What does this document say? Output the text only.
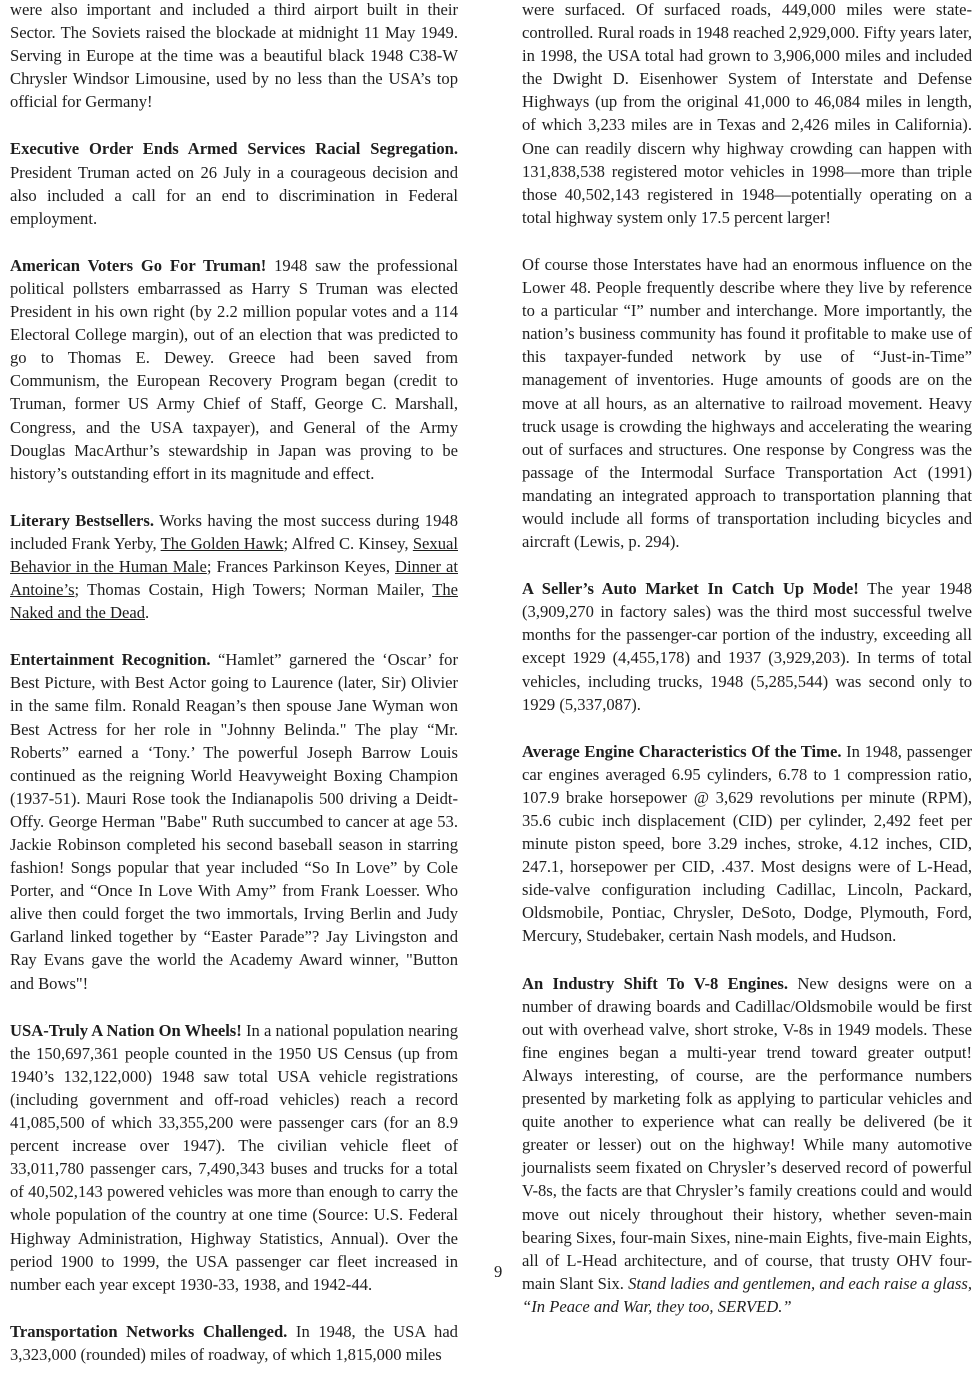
were also important and included a third airport built in their Sector. The Soviets raised the blockade at midnight 11 May 1949. Serving in Europe at the time was a beautiful black 1948 C38-W Chrysler Windsor Limousine, used by no less than the USA’s top official for Germany!

Executive Order Ends Armed Services Racial Segregation. President Truman acted on 26 July in a courageous decision and also included a call for an end to discrimination in Federal employment.

American Voters Go For Truman! 1948 saw the professional political pollsters embarrassed as Harry S Truman was elected President in his own right (by 2.2 million popular votes and a 114 Electoral College margin), out of an election that was predicted to go to Thomas E. Dewey. Greece had been saved from Communism, the European Recovery Program began (credit to Truman, former US Army Chief of Staff, George C. Marshall, Congress, and the USA taxpayer), and General of the Army Douglas MacArthur’s stewardship in Japan was proving to be history’s outstanding effort in its magnitude and effect.

Literary Bestsellers. Works having the most success during 1948 included Frank Yerby, The Golden Hawk; Alfred C. Kinsey, Sexual Behavior in the Human Male; Frances Parkinson Keyes, Dinner at Antoine’s; Thomas Costain, High Towers; Norman Mailer, The Naked and the Dead.

Entertainment Recognition. “Hamlet” garnered the ‘Oscar’ for Best Picture, with Best Actor going to Laurence (later, Sir) Olivier in the same film. Ronald Reagan’s then spouse Jane Wyman won Best Actress for her role in "Johnny Belinda." The play “Mr. Roberts” earned a ‘Tony.’ The powerful Joseph Barrow Louis continued as the reigning World Heavyweight Boxing Champion (1937-51). Mauri Rose took the Indianapolis 500 driving a Deidt-Offy. George Herman "Babe" Ruth succumbed to cancer at age 53. Jackie Robinson completed his second baseball season in starring fashion! Songs popular that year included “So In Love” by Cole Porter, and “Once In Love With Amy” from Frank Loesser. Who alive then could forget the two immortals, Irving Berlin and Judy Garland linked together by “Easter Parade”? Jay Livingston and Ray Evans gave the world the Academy Award winner, "Button and Bows"!

USA-Truly A Nation On Wheels! In a national population nearing the 150,697,361 people counted in the 1950 US Census (up from 1940’s 132,122,000) 1948 saw total USA vehicle registrations (including government and off-road vehicles) reach a record 41,085,500 of which 33,355,200 were passenger cars (for an 8.9 percent increase over 1947). The civilian vehicle fleet of 33,011,780 passenger cars, 7,490,343 buses and trucks for a total of 40,502,143 powered vehicles was more than enough to carry the whole population of the country at one time (Source: U.S. Federal Highway Administration, Highway Statistics, Annual). Over the period 1900 to 1999, the USA passenger car fleet increased in number each year except 1930-33, 1938, and 1942-44.

Transportation Networks Challenged. In 1948, the USA had 3,323,000 (rounded) miles of roadway, of which 1,815,000 miles

were surfaced. Of surfaced roads, 449,000 miles were state-controlled. Rural roads in 1948 reached 2,929,000. Fifty years later, in 1998, the USA total had grown to 3,906,000 miles and included the Dwight D. Eisenhower System of Interstate and Defense Highways (up from the original 41,000 to 46,084 miles in length, of which 3,233 miles are in Texas and 2,426 miles in California). One can readily discern why highway crowding can happen with 131,838,538 registered motor vehicles in 1998—more than triple those 40,502,143 registered in 1948—potentially operating on a total highway system only 17.5 percent larger!

Of course those Interstates have had an enormous influence on the Lower 48. People frequently describe where they live by reference to a particular “I” number and interchange. More importantly, the nation’s business community has found it profitable to make use of this taxpayer-funded network by use of “Just-in-Time” management of inventories. Huge amounts of goods are on the move at all hours, as an alternative to railroad movement. Heavy truck usage is crowding the highways and accelerating the wearing out of surfaces and structures. One response by Congress was the passage of the Intermodal Surface Transportation Act (1991) mandating an integrated approach to transportation planning that would include all forms of transportation including bicycles and aircraft (Lewis, p. 294).

A Seller’s Auto Market In Catch Up Mode! The year 1948 (3,909,270 in factory sales) was the third most successful twelve months for the passenger-car portion of the industry, exceeding all except 1929 (4,455,178) and 1937 (3,929,203). In terms of total vehicles, including trucks, 1948 (5,285,544) was second only to 1929 (5,337,087).

Average Engine Characteristics Of the Time. In 1948, passenger car engines averaged 6.95 cylinders, 6.78 to 1 compression ratio, 107.9 brake horsepower @ 3,629 revolutions per minute (RPM), 35.6 cubic inch displacement (CID) per cylinder, 2,492 feet per minute piston speed, bore 3.29 inches, stroke, 4.12 inches, CID, 247.1, horsepower per CID, .437. Most designs were of L-Head, side-valve configuration including Cadillac, Lincoln, Packard, Oldsmobile, Pontiac, Chrysler, DeSoto, Dodge, Plymouth, Ford, Mercury, Studebaker, certain Nash models, and Hudson.

An Industry Shift To V-8 Engines. New designs were on a number of drawing boards and Cadillac/Oldsmobile would be first out with overhead valve, short stroke, V-8s in 1949 models. These fine engines began a multi-year trend toward greater output! Always interesting, of course, are the performance numbers presented by marketing folk as applying to particular vehicles and quite another to experience what can really be delivered (be it greater or lesser) out on the highway! While many automotive journalists seem fixated on Chrysler’s deserved record of powerful V-8s, the facts are that Chrysler’s family creations could and would move out nicely throughout their history, whether seven-main bearing Sixes, four-main Sixes, nine-main Eights, five-main Eights, all of L-Head architecture, and of course, that trusty OHV four-main Slant Six. Stand ladies and gentlemen, and each raise a glass, “In Peace and War, they too, SERVED.”

9
